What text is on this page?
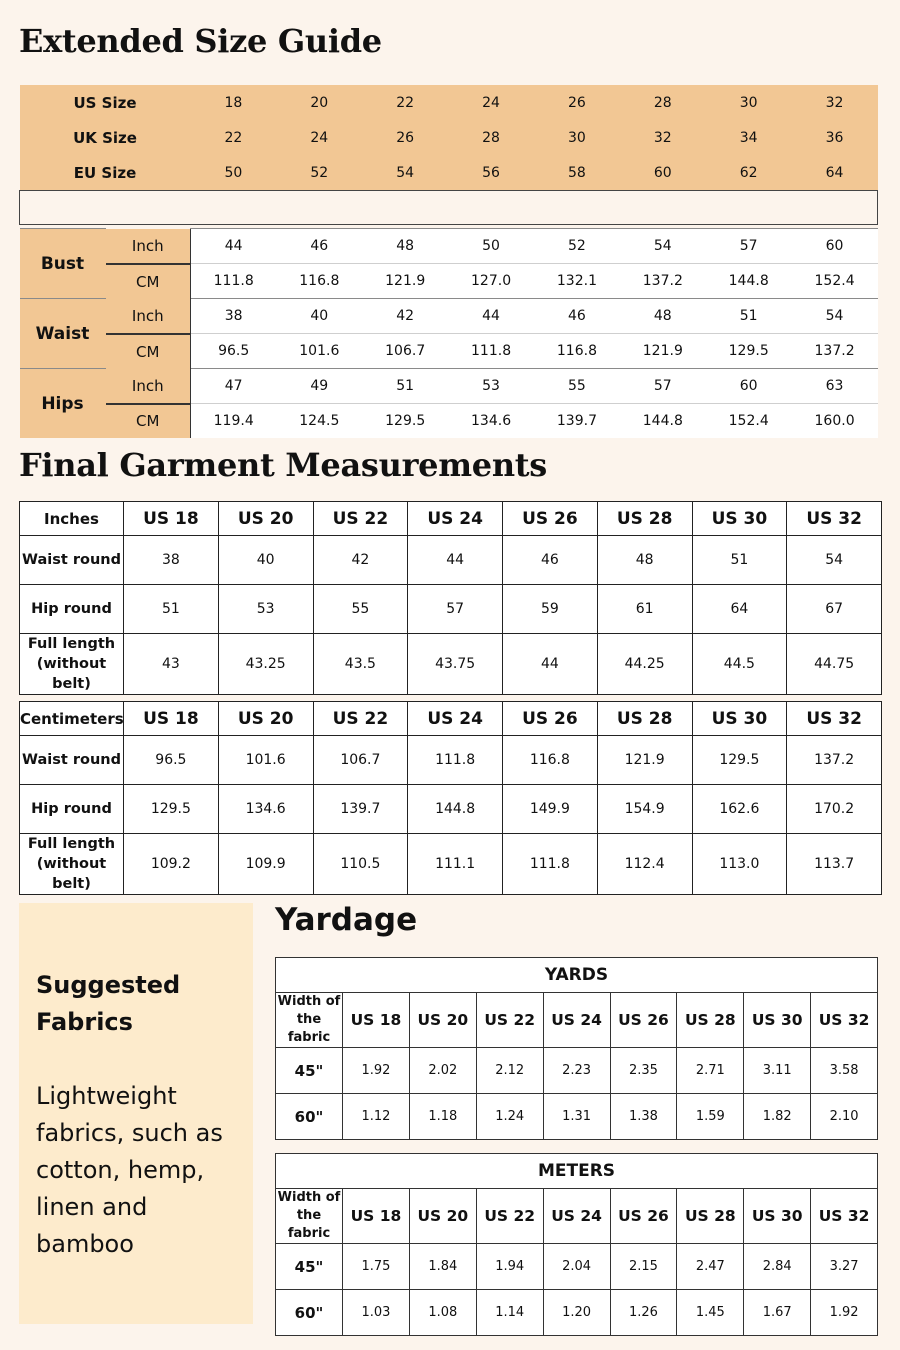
Extended Size Guide
US Size		18	20	22	24	26	28	30	32
UK Size		22	24	26	28	30	32	34	36
EU Size		50	52	54	56	58	60	62	64

Bust	Inch	44	46	48	50	52	54	57	60
	CM	111.8	116.8	121.9	127.0	132.1	137.2	144.8	152.4
Waist	Inch	38	40	42	44	46	48	51	54
	CM	96.5	101.6	106.7	111.8	116.8	121.9	129.5	137.2
Hips	Inch	47	49	51	53	55	57	60	63
	CM	119.4	124.5	129.5	134.6	139.7	144.8	152.4	160.0
Final Garment Measurements
Inches	US 18	US 20	US 22	US 24	US 26	US 28	US 30	US 32
Waist round	38	40	42	44	46	48	51	54
Hip round	51	53	55	57	59	61	64	67

Full length
(without belt)	43	43.25	43.5	43.75	44	44.25	44.5	44.75
Centimeters	US 18	US 20	US 22	US 24	US 26	US 28	US 30	US 32
Waist round	96.5	101.6	106.7	111.8	116.8	121.9	129.5	137.2
Hip round	129.5	134.6	139.7	144.8	149.9	154.9	162.6	170.2

Full length
(without belt)	109.2	109.9	110.5	111.1	111.8	112.4	113.0	113.7

Suggested Fabrics

Lightweight fabrics, such as cotton, hemp, linen and bamboo

Yardage
YARDS								

Width of
the fabric	US 18	US 20	US 22	US 24	US 26	US 28	US 30	US 32
45"	1.92	2.02	2.12	2.23	2.35	2.71	3.11	3.58
60"	1.12	1.18	1.24	1.31	1.38	1.59	1.82	2.10
METERS								

Width of
the fabric	US 18	US 20	US 22	US 24	US 26	US 28	US 30	US 32
45"	1.75	1.84	1.94	2.04	2.15	2.47	2.84	3.27
60"	1.03	1.08	1.14	1.20	1.26	1.45	1.67	1.92
